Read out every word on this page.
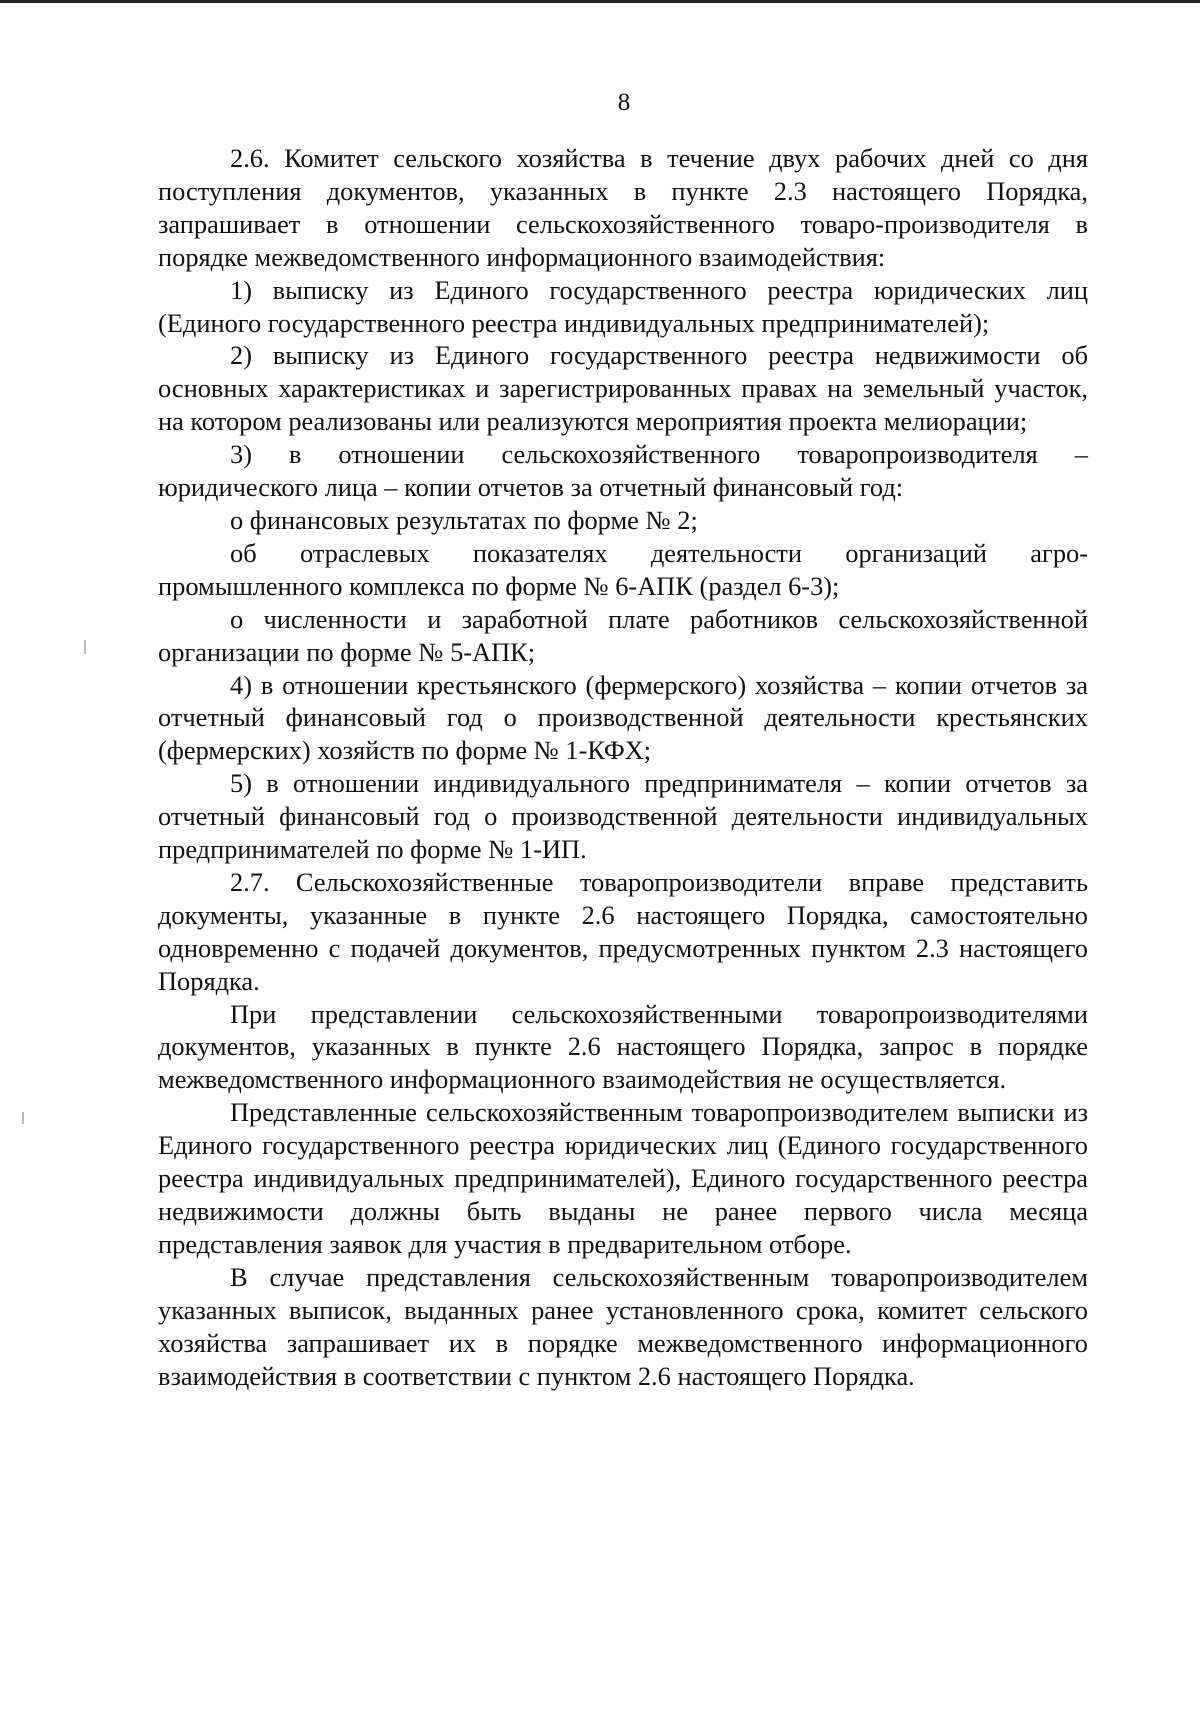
8

2.6. Комитет сельского хозяйства в течение двух рабочих дней со дня поступления документов, указанных в пункте 2.3 настоящего Порядка, запрашивает в отношении сельскохозяйственного товаро-производителя в порядке межведомственного информационного взаимодействия:

1) выписку из Единого государственного реестра юридических лиц (Единого государственного реестра индивидуальных предпринимателей);

2) выписку из Единого государственного реестра недвижимости об основных характеристиках и зарегистрированных правах на земельный участок, на котором реализованы или реализуются мероприятия проекта мелиорации;

3) в отношении сельскохозяйственного товаропроизводителя – юридического лица – копии отчетов за отчетный финансовый год:

о финансовых результатах по форме № 2;

об отраслевых показателях деятельности организаций агро-промышленного комплекса по форме № 6-АПК (раздел 6-3);

о численности и заработной плате работников сельскохозяйственной организации по форме № 5-АПК;

4) в отношении крестьянского (фермерского) хозяйства – копии отчетов за отчетный финансовый год о производственной деятельности крестьянских (фермерских) хозяйств по форме № 1-КФХ;

5) в отношении индивидуального предпринимателя – копии отчетов за отчетный финансовый год о производственной деятельности индивидуальных предпринимателей по форме № 1-ИП.

2.7. Сельскохозяйственные товаропроизводители вправе представить документы, указанные в пункте 2.6 настоящего Порядка, самостоятельно одновременно с подачей документов, предусмотренных пунктом 2.3 настоящего Порядка.

При представлении сельскохозяйственными товаропроизводителями документов, указанных в пункте 2.6 настоящего Порядка, запрос в порядке межведомственного информационного взаимодействия не осуществляется.

Представленные сельскохозяйственным товаропроизводителем выписки из Единого государственного реестра юридических лиц (Единого государственного реестра индивидуальных предпринимателей), Единого государственного реестра недвижимости должны быть выданы не ранее первого числа месяца представления заявок для участия в предварительном отборе.

В случае представления сельскохозяйственным товаропроизводителем указанных выписок, выданных ранее установленного срока, комитет сельского хозяйства запрашивает их в порядке межведомственного информационного взаимодействия в соответствии с пунктом 2.6 настоящего Порядка.
